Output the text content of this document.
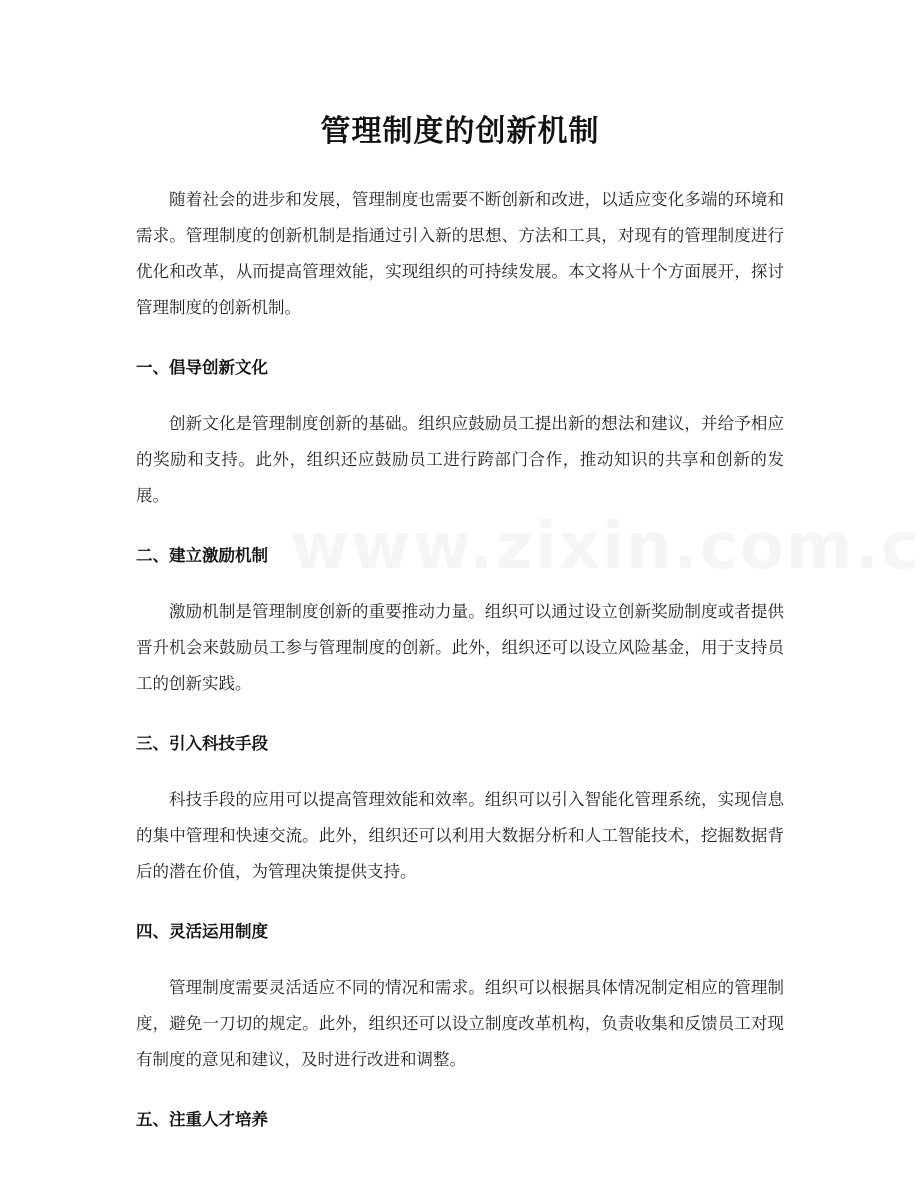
管理制度的创新机制

随着社会的进步和发展，管理制度也需要不断创新和改进，以适应变化多端的环境和需求。管理制度的创新机制是指通过引入新的思想、方法和工具，对现有的管理制度进行优化和改革，从而提高管理效能，实现组织的可持续发展。本文将从十个方面展开，探讨管理制度的创新机制。

一、倡导创新文化

创新文化是管理制度创新的基础。组织应鼓励员工提出新的想法和建议，并给予相应的奖励和支持。此外，组织还应鼓励员工进行跨部门合作，推动知识的共享和创新的发展。

二、建立激励机制

激励机制是管理制度创新的重要推动力量。组织可以通过设立创新奖励制度或者提供晋升机会来鼓励员工参与管理制度的创新。此外，组织还可以设立风险基金，用于支持员工的创新实践。

三、引入科技手段

科技手段的应用可以提高管理效能和效率。组织可以引入智能化管理系统，实现信息的集中管理和快速交流。此外，组织还可以利用大数据分析和人工智能技术，挖掘数据背后的潜在价值，为管理决策提供支持。

四、灵活运用制度

管理制度需要灵活适应不同的情况和需求。组织可以根据具体情况制定相应的管理制度，避免一刀切的规定。此外，组织还可以设立制度改革机构，负责收集和反馈员工对现有制度的意见和建议，及时进行改进和调整。

五、注重人才培养
